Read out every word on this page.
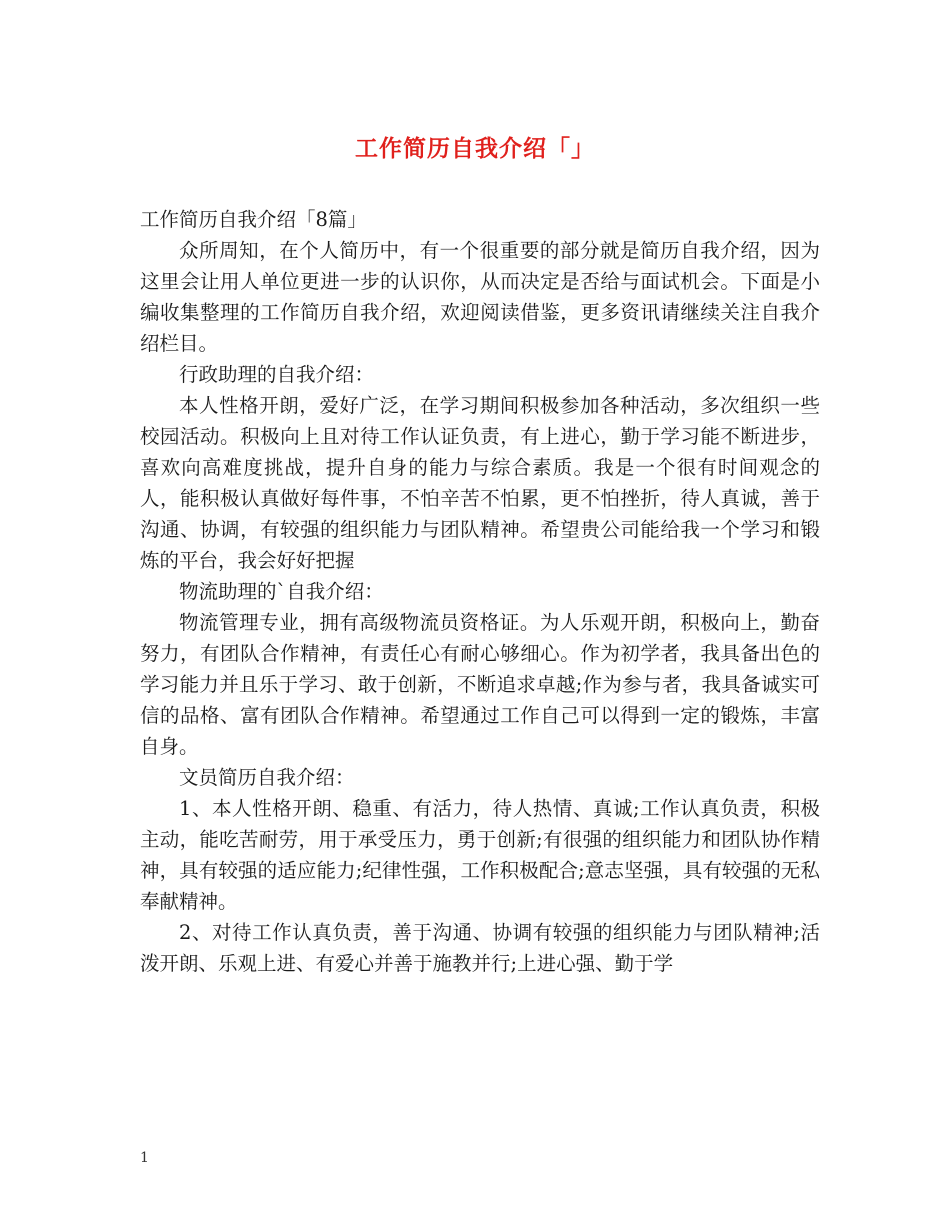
工作简历自我介绍「」

工作简历自我介绍「8篇」

众所周知，在个人简历中，有一个很重要的部分就是简历自我介绍，因为这里会让用人单位更进一步的认识你，从而决定是否给与面试机会。下面是小编收集整理的工作简历自我介绍，欢迎阅读借鉴，更多资讯请继续关注自我介绍栏目。

行政助理的自我介绍：

本人性格开朗，爱好广泛，在学习期间积极参加各种活动，多次组织一些校园活动。积极向上且对待工作认证负责，有上进心，勤于学习能不断进步，喜欢向高难度挑战，提升自身的能力与综合素质。我是一个很有时间观念的人，能积极认真做好每件事，不怕辛苦不怕累，更不怕挫折，待人真诚，善于沟通、协调，有较强的组织能力与团队精神。希望贵公司能给我一个学习和锻炼的平台，我会好好把握

物流助理的`自我介绍：

物流管理专业，拥有高级物流员资格证。为人乐观开朗，积极向上，勤奋努力，有团队合作精神，有责任心有耐心够细心。作为初学者，我具备出色的学习能力并且乐于学习、敢于创新，不断追求卓越;作为参与者，我具备诚实可信的品格、富有团队合作精神。希望通过工作自己可以得到一定的锻炼，丰富自身。

文员简历自我介绍：

1、本人性格开朗、稳重、有活力，待人热情、真诚;工作认真负责，积极主动，能吃苦耐劳，用于承受压力，勇于创新;有很强的组织能力和团队协作精神，具有较强的适应能力;纪律性强，工作积极配合;意志坚强，具有较强的无私奉献精神。

2、对待工作认真负责，善于沟通、协调有较强的组织能力与团队精神;活泼开朗、乐观上进、有爱心并善于施教并行;上进心强、勤于学

1
